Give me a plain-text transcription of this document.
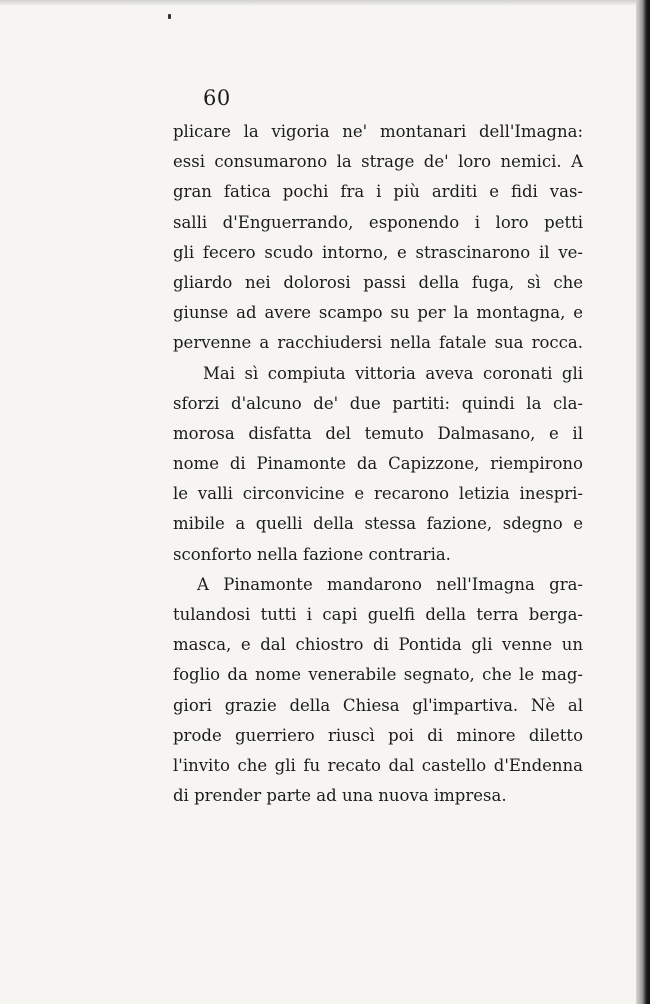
60
plicare la vigoria ne' montanari dell'Imagna:
essi consumarono la strage de' loro nemici. A
gran fatica pochi fra i più arditi e fidi vas-
salli d'Enguerrando, esponendo i loro petti
gli fecero scudo intorno, e strascinarono il ve-
gliardo nei dolorosi passi della fuga, sì che
giunse ad avere scampo su per la montagna, e
pervenne a racchiudersi nella fatale sua rocca.
Mai sì compiuta vittoria aveva coronati gli
sforzi d'alcuno de' due partiti: quindi la cla-
morosa disfatta del temuto Dalmasano, e il
nome di Pinamonte da Capizzone, riempirono
le valli circonvicine e recarono letizia inespri-
mibile a quelli della stessa fazione, sdegno e
sconforto nella fazione contraria.
A Pinamonte mandarono nell'Imagna gra-
tulandosi tutti i capi guelfi della terra berga-
masca, e dal chiostro di Pontida gli venne un
foglio da nome venerabile segnato, che le mag-
giori grazie della Chiesa gl'impartiva. Nè al
prode guerriero riuscì poi di minore diletto
l'invito che gli fu recato dal castello d'Endenna
di prender parte ad una nuova impresa.
